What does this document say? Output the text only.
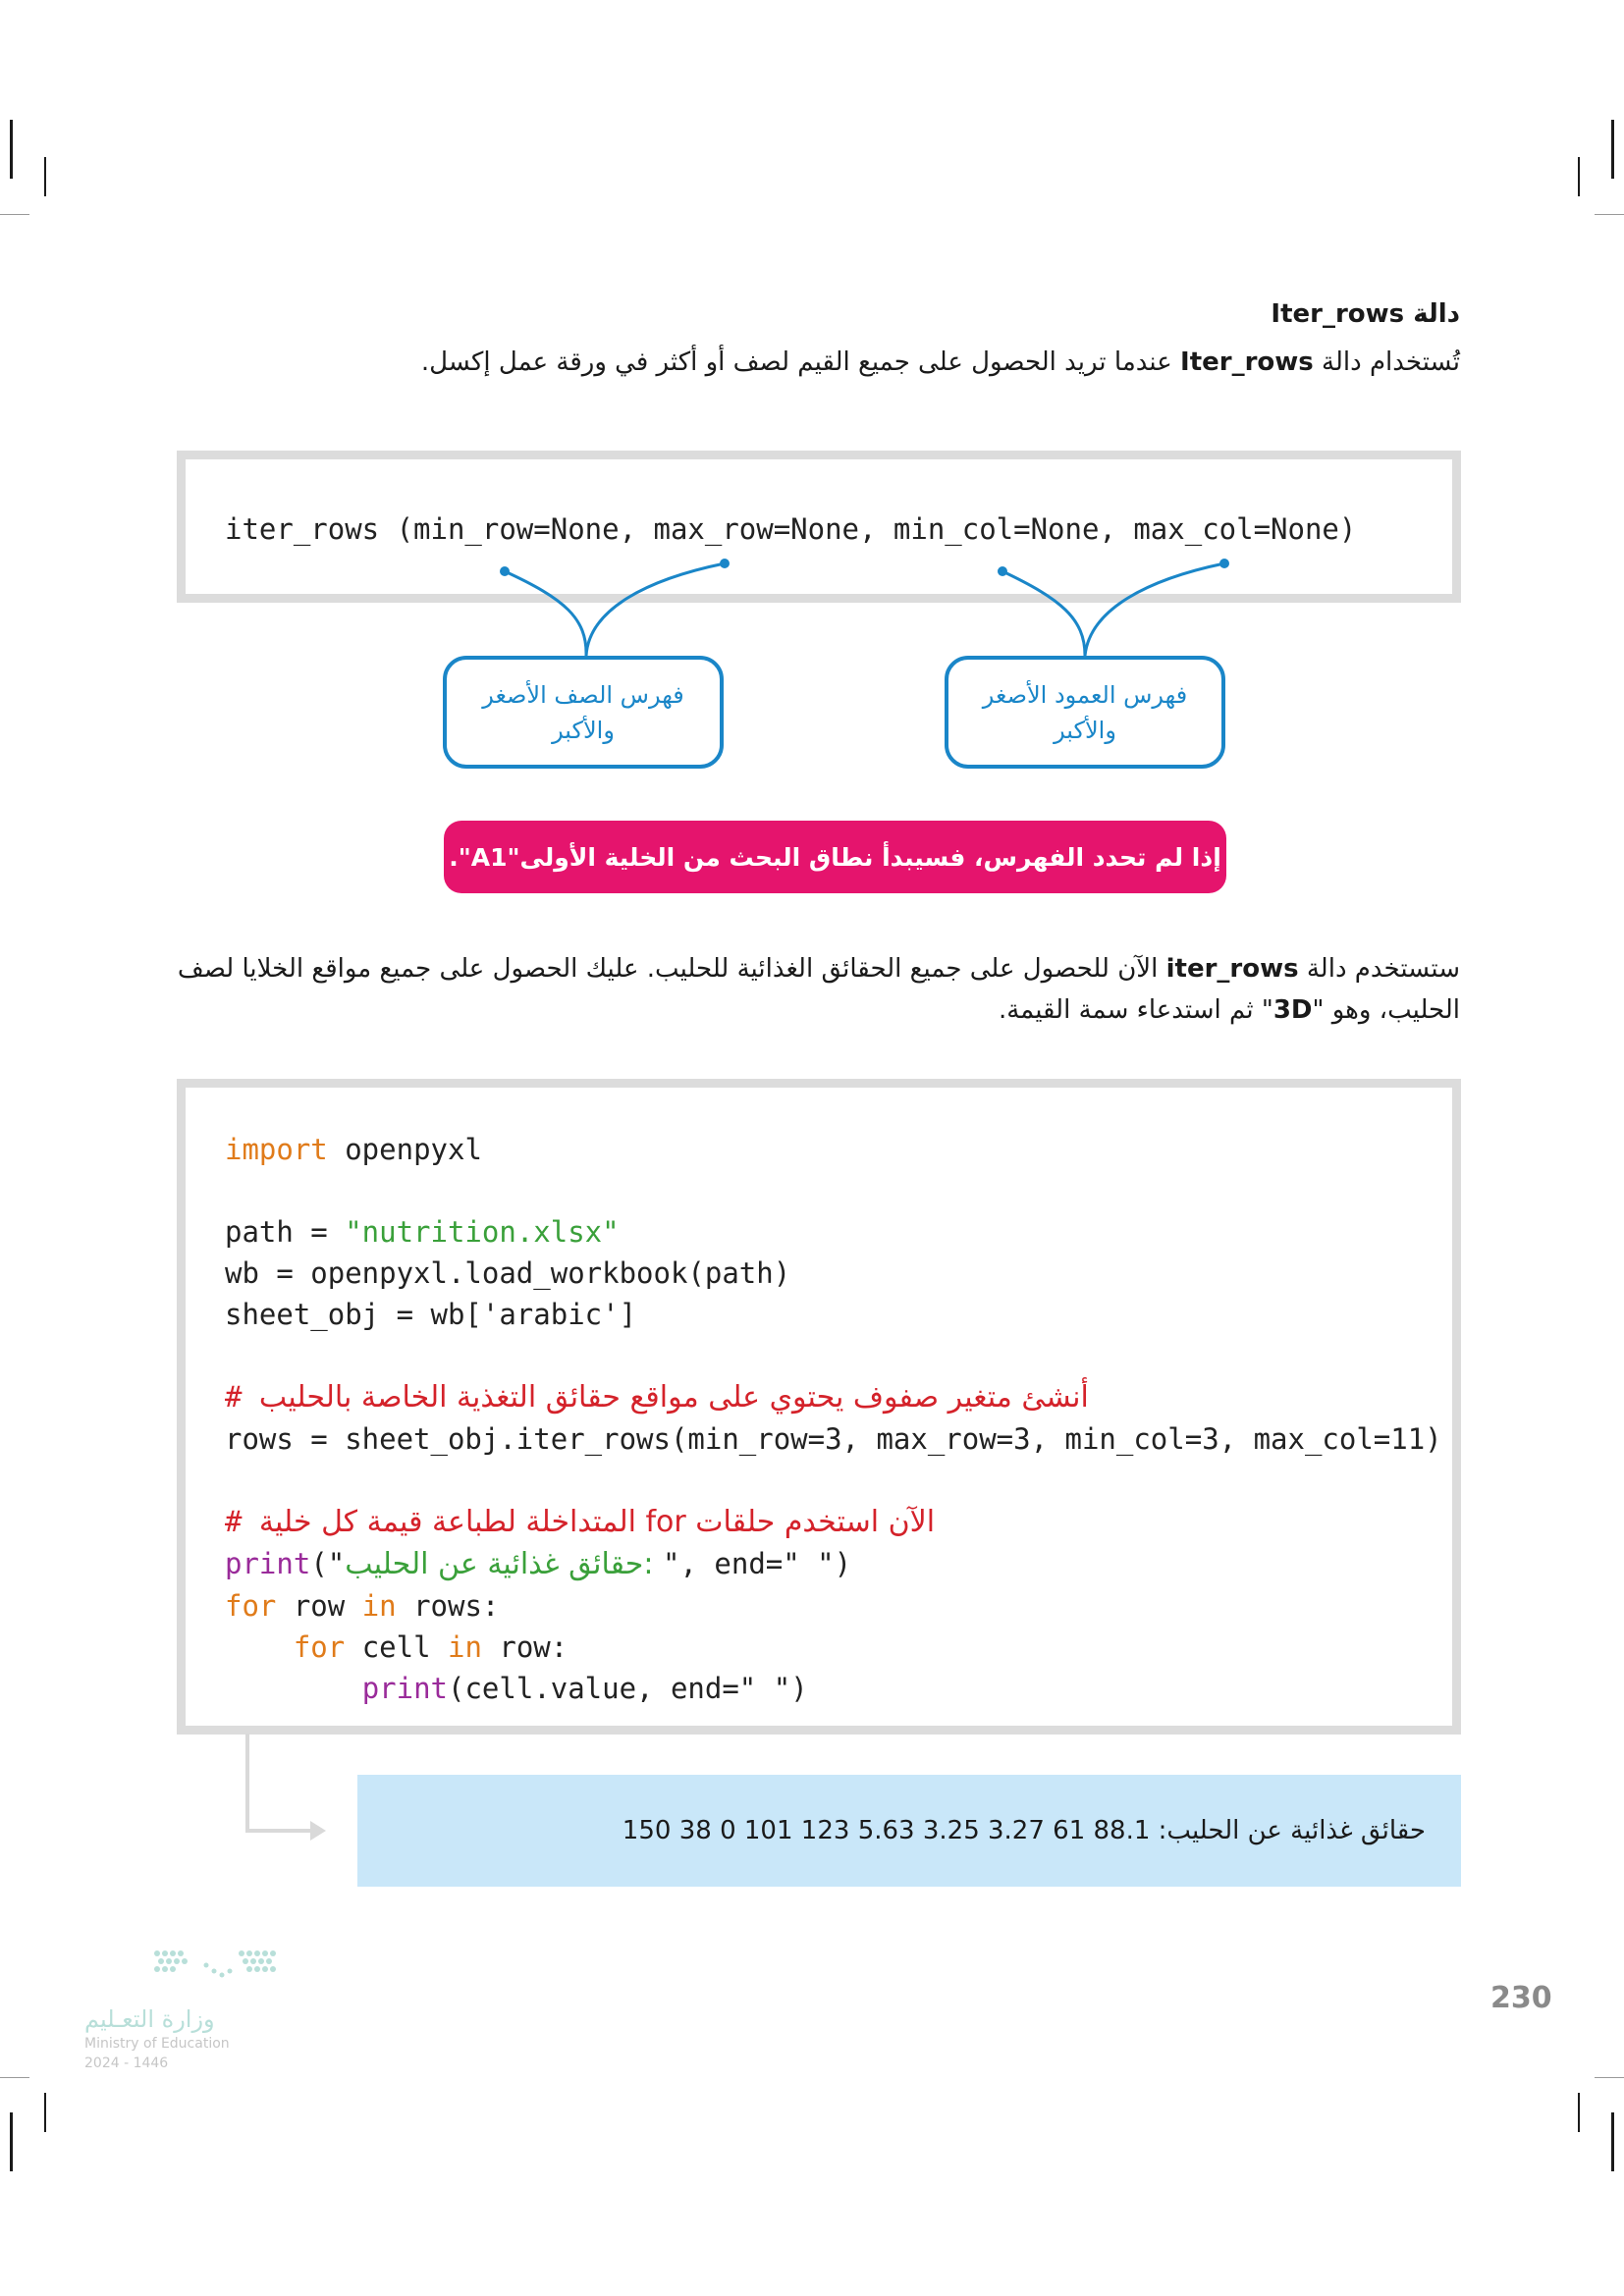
دالة Iter_rows
تُستخدام دالة Iter_rows عندما تريد الحصول على جميع القيم لصف أو أكثر في ورقة عمل إكسل.
iter_rows (min_row=None, max_row=None, min_col=None, max_col=None)
فهرس الصف الأصغر والأكبر
فهرس العمود الأصغر والأكبر
إذا لم تحدد الفهرس، فسيبدأ نطاق البحث من الخلية الأولى"A1".
ستستخدم دالة iter_rows الآن للحصول على جميع الحقائق الغذائية للحليب. عليك الحصول على جميع مواقع الخلايا لصف الحليب، وهو "3D" ثم استدعاء سمة القيمة.
import openpyxl

path = "nutrition.xlsx"
wb = openpyxl.load_workbook(path)
sheet_obj = wb['arabic']

# أنشئ متغير صفوف يحتوي على مواقع حقائق التغذية الخاصة بالحليب
rows = sheet_obj.iter_rows(min_row=3, max_row=3, min_col=3, max_col=11)

#	الآن استخدم حلقات for المتداخلة لطباعة قيمة كل خلية
print("حقائق غذائية عن الحليب: ", end=" ")
for row in rows:
for cell in row:
print(cell.value, end=" ")
حقائق غذائية عن الحليب: 88.1 61 3.27 3.25 5.63 123 101 0 38 150
230
وزارة التعـليم
Ministry of Education
2024 - 1446
